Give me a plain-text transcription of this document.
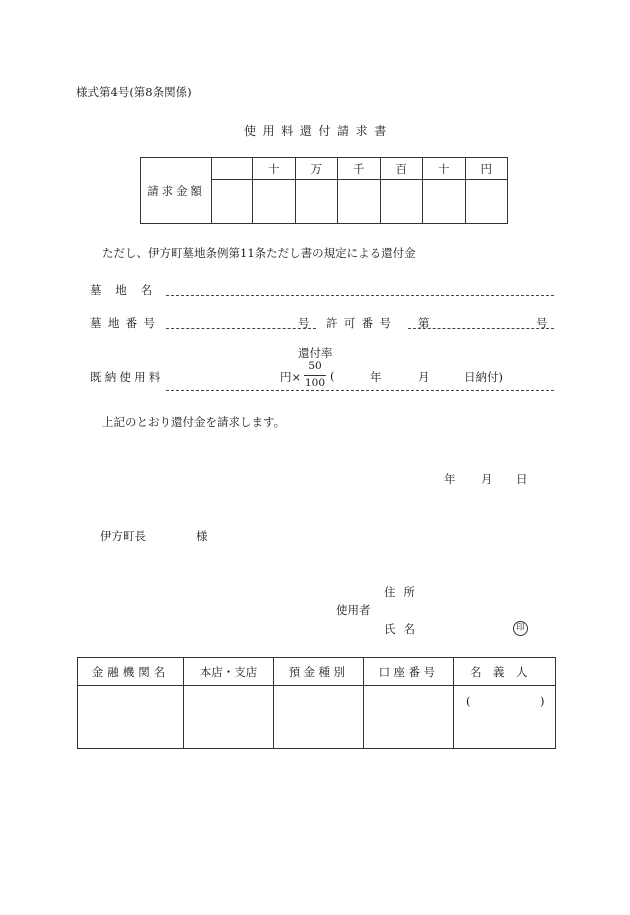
様式第4号(第8条関係)
使用料還付請求書
請求金額		十	万	千	百	十	円

ただし、伊方町墓地条例第11条ただし書の規定による還付金
墓地名
墓地番号	号 許可番号 第	号
還付率
既納使用料	円×
50
100 (	年	月	日納付)
上記のとおり還付金を請求します。
年 月 日
伊方町長	様
住所
使用者
氏名	印
金融機関名	本店・支店	預金種別	口座番号	名義人

				( )
